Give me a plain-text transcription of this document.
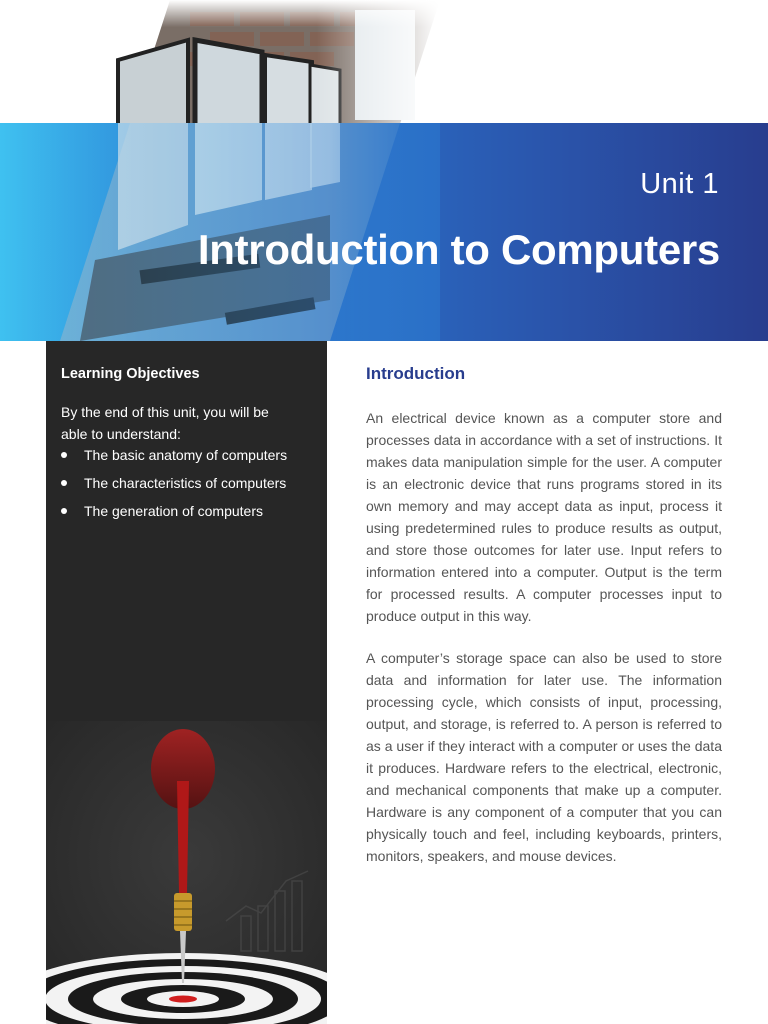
Unit 1
Introduction to Computers
Learning Objectives
By the end of this unit, you will be able to understand:
The basic anatomy of computers
The characteristics of computers
The generation of computers
Introduction

An electrical device known as a computer store and processes data in accordance with a set of instructions. It makes data manipulation simple for the user. A computer is an electronic device that runs programs stored in its own memory and may accept data as input, process it using predetermined rules to produce results as output, and store those outcomes for later use. Input refers to information entered into a computer. Output is the term for processed results. A computer processes input to produce output in this way.

A computer’s storage space can also be used to store data and information for later use. The information processing cycle, which consists of input, processing, output, and storage, is referred to. A person is referred to as a user if they interact with a computer or uses the data it produces. Hardware refers to the electrical, electronic, and mechanical components that make up a computer. Hardware is any component of a computer that you can physically touch and feel, including keyboards, printers, monitors, speakers, and mouse devices.
